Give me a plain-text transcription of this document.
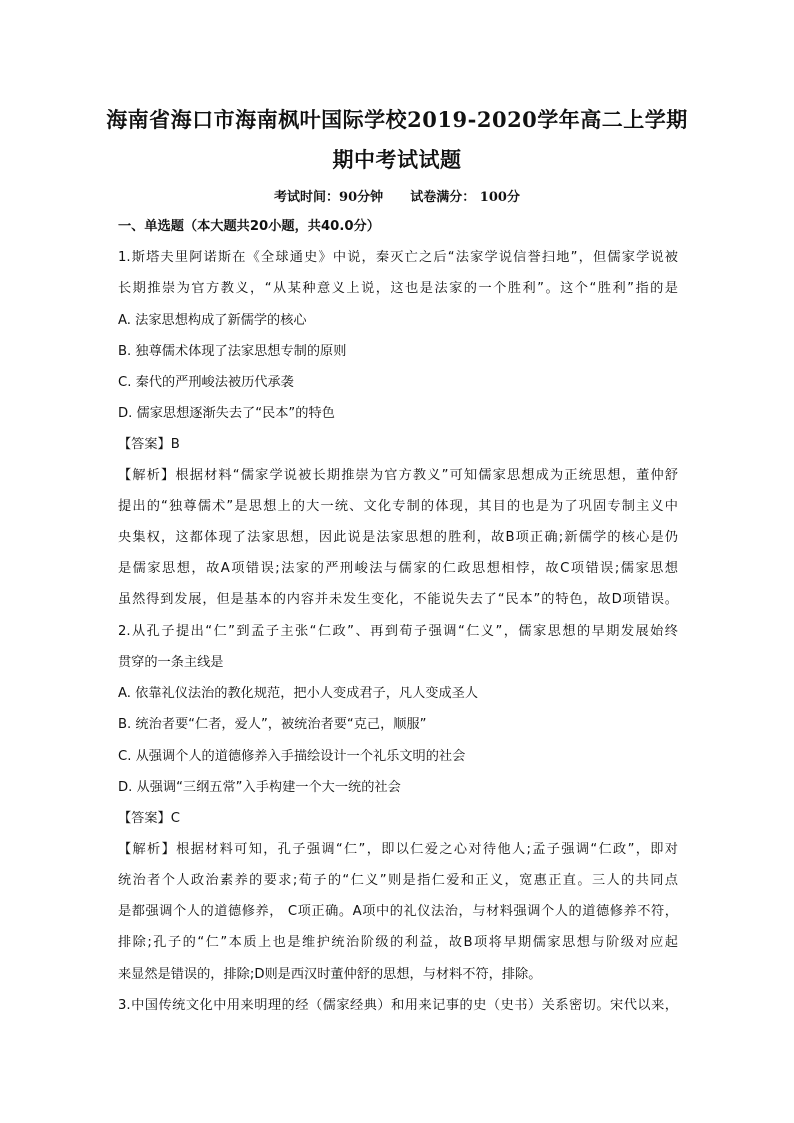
海南省海口市海南枫叶国际学校2019-2020学年高二上学期
期中考试试题
考试时间：90分钟      试卷满分： 100分
一、单选题（本大题共20小题，共40.0分）
1.斯塔夫里阿诺斯在《全球通史》中说，秦灭亡之后“法家学说信誉扫地”，但儒家学说被
长期推崇为官方教义，“从某种意义上说，这也是法家的一个胜利”。这个“胜利”指的是
A. 法家思想构成了新儒学的核心
B. 独尊儒术体现了法家思想专制的原则
C. 秦代的严刑峻法被历代承袭
D. 儒家思想逐渐失去了“民本”的特色
【答案】B
【解析】根据材料“儒家学说被长期推崇为官方教义”可知儒家思想成为正统思想，董仲舒
提出的“独尊儒术”是思想上的大一统、文化专制的体现，其目的也是为了巩固专制主义中
央集权，这都体现了法家思想，因此说是法家思想的胜利，故B项正确;新儒学的核心是仍
是儒家思想，故A项错误;法家的严刑峻法与儒家的仁政思想相悖，故C项错误;儒家思想
虽然得到发展，但是基本的内容并未发生变化，不能说失去了“民本”的特色，故D项错误。
2.从孔子提出“仁”到孟子主张“仁政”、再到荀子强调“仁义”，儒家思想的早期发展始终
贯穿的一条主线是
A. 依靠礼仪法治的教化规范，把小人变成君子，凡人变成圣人
B. 统治者要“仁者，爱人”，被统治者要“克己，顺服”
C. 从强调个人的道德修养入手描绘设计一个礼乐文明的社会
D. 从强调“三纲五常”入手构建一个大一统的社会
【答案】C
【解析】根据材料可知，孔子强调“仁”，即以仁爱之心对待他人;孟子强调“仁政”，即对
统治者个人政治素养的要求;荀子的“仁义”则是指仁爱和正义，宽惠正直。三人的共同点
是都强调个人的道德修养， C项正确。A项中的礼仪法治，与材料强调个人的道德修养不符，
排除;孔子的“仁”本质上也是维护统治阶级的利益，故B项将早期儒家思想与阶级对应起
来显然是错误的，排除;D则是西汉时董仲舒的思想，与材料不符，排除。
3.中国传统文化中用来明理的经（儒家经典）和用来记事的史（史书）关系密切。宋代以来，
